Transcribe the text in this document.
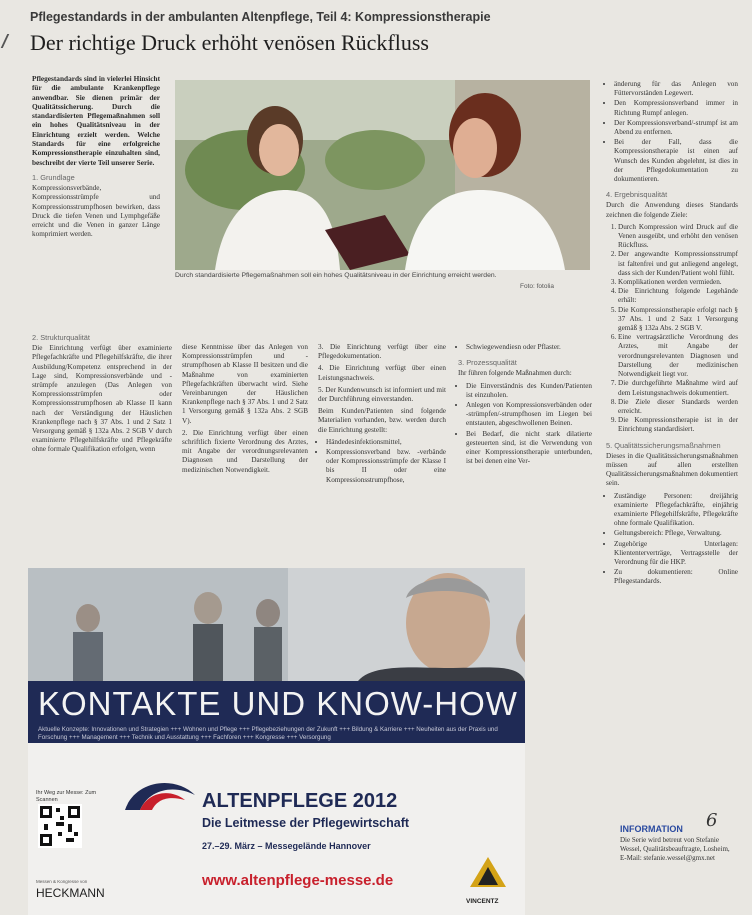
Pflegestandards in der ambulanten Altenpflege, Teil 4: Kompressionstherapie
Der richtige Druck erhöht venösen Rückfluss

Pflegestandards sind in vielerlei Hinsicht für die ambulante Krankenpflege anwendbar. Sie dienen primär der Qualitätssicherung. Durch die standardisierten Pflegemaßnahmen soll ein hohes Qualitätsniveau in der Einrichtung erzielt werden. Welche Standards für eine erfolgreiche Kompressionstherapie einzuhalten sind, beschreibt der vierte Teil unserer Serie.

1. Grundlage

Kompressionsverbände, Kompressionsstrümpfe und Kompressionsstrumpfhosen bewirken, dass Druck die tiefen Venen und Lymphgefäße erreicht und die Venen in ganzer Länge komprimiert werden.

Durch standardisierte Pflegemaßnahmen soll ein hohes Qualitätsniveau in der Einrichtung erreicht werden.
Foto: fotolia
2. Strukturqualität

Die Einrichtung verfügt über examinierte Pflegefachkräfte und Pflegehilfskräfte, die ihrer Ausbildung/Kompetenz entsprechend in der Lage sind, Kompressionsverbände und -strümpfe anzulegen (Das Anlegen von Kompressionsstrümpfen oder Kompressionsstrumpfhosen ab Klasse II kann nach der Verständigung der Häuslichen Krankenpflege nach § 37 Abs. 1 und 2 Satz 1 Versorgung gemäß § 132a Abs. 2 SGB V durch examinierte Pflegehilfskräfte und Pflegekräfte ohne formale Qualifikation erfolgen, wenn

diese Kenntnisse über das Anlegen von Kompressionsstrümpfen und -strumpfhosen ab Klasse II besitzen und die Maßnahme von examinierten Pflegefachkräften überwacht wird. Siehe Vereinbarungen der Häuslichen Krankenpflege nach § 37 Abs. 1 und 2 Satz 1 Versorgung gemäß § 132a Abs. 2 SGB V).

2. Die Einrichtung verfügt über einen schriftlich fixierte Verordnung des Arztes, mit Angabe der verordnungsrelevanten Diagnosen und Darstellung der medizinischen Notwendigkeit.

3. Die Einrichtung verfügt über eine Pflegedokumentation.

4. Die Einrichtung verfügt über einen Leistungsnachweis.

5. Der Kundenwunsch ist informiert und mit der Durchführung einverstanden.

Beim Kunden/Patienten sind folgende Materialien vorhanden, bzw. werden durch die Einrichtung gestellt:

• Händedesinfektionsmittel,
• Kompressionsverband bzw. -verbände oder Kompressionsstrümpfe der Klasse I bis II oder eine Kompressionsstrumpfhose,
• Schwiegewendiesn oder Pflaster.
3. Prozessqualität

Ihr führen folgende Maßnahmen durch:

• Die Einverständnis des Kunden/Patienten ist einzuholen.
• Anlegen von Kompressionsverbänden oder -strümpfen/-strumpfhosen im Liegen bei entstauten, abgeschwollenen Beinen.
• Bei Bedarf, die nicht stark dilatierte gesteuerten sind, ist die Verwendung von einer Kompressionstherapie unterbunden, ist bei denen eine Ver-
• änderung für das Anlegen von Füttervorständen Legewert.
• Den Kompressionsverband immer in Richtung Rumpf anlegen.
• Der Kompressionsverband/-strumpf ist am Abend zu entfernen.
• Bei der Fall, dass die Kompressionstherapie ist einen auf Wunsch des Kunden abgelehnt, ist dies in der Pflegedokumentation zu dokumentieren.
4. Ergebnisqualität

Durch die Anwendung dieses Standards zeichnen die folgende Ziele:

1. Durch Kompression wird Druck auf die Venen ausgeübt, und erhöht den venösen Rückfluss.
2. Der angewandte Kompressionsstrumpf ist faltenfrei und gut anliegend angelegt, dass sich der Kunden/Patient wohl fühlt.
3. Komplikationen werden vermieden.
4. Die Einrichtung folgende Legehände erhält:
5. Die Kompressionstherapie erfolgt nach § 37 Abs. 1 und 2 Satz 1 Versorgung gemäß § 132a Abs. 2 SGB V.
6. Eine vertragsärztliche Verordnung des Arztes, mit Angabe der verordnungsrelevanten Diagnosen und Darstellung der medizinischen Notwendigkeit liegt vor.
7. Die durchgeführte Maßnahme wird auf dem Leistungsnachweis dokumentiert.
8. Die Ziele dieser Standards werden erreicht.
9. Die Kompressionstherapie ist in der Einrichtung standardisiert.
5. Qualitätssicherungsmaßnahmen

Dieses in die Qualitätssicherungsmaßnahmen müssen auf allen erstellten Qualitätssicherungsmaßnahmen dokumentiert sein.

• Zuständige Personen: dreijährig examinierte Pflegefachkräfte, einjährig examinierte Pflegehilfskräfte, Pflegekräfte ohne formale Qualifikation.
• Geltungsbereich: Pflege, Verwaltung.
• Zugehörige Unterlagen: Kliententerverträge, Vertragsstelle der Verordnung für die HKP.
• Zu dokumentieren: Online Pflegestandards.
INFORMATION
Die Serie wird betreut von Stefanie Wessel, Qualitätsbeauftragte, Losheim, E-Mail: stefanie.wessel@gmx.net
6
KONTAKTE UND KNOW-HOW
Aktuelle Konzepte: Innovationen und Strategien +++ Wohnen und Pflege +++ Pflegebeziehungen der Zukunft +++ Bildung & Karriere +++ Neuheiten aus der Praxis und Forschung +++ Management +++ Technik und Ausstattung +++ Fachforen +++ Kongresse +++ Versorgung
Ihr Weg zur Messe: Zum Scannen	ALTENPFLEGE 2012
Die Leitmesse der Pflegewirtschaft
27.–29. März – Messegelände Hannover
www.altenpflege-messe.de
Messen & Kongresse von
HECKMANN
VINCENTZ
